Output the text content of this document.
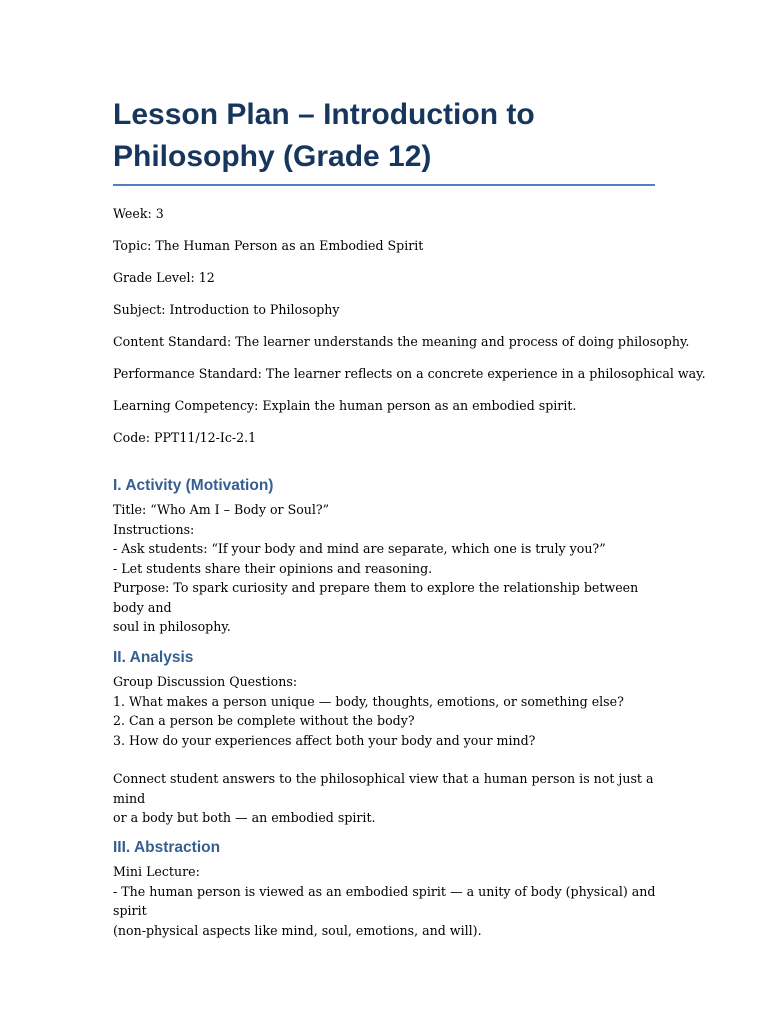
Lesson Plan – Introduction to Philosophy (Grade 12)

Week: 3

Topic: The Human Person as an Embodied Spirit

Grade Level: 12

Subject: Introduction to Philosophy

Content Standard: The learner understands the meaning and process of doing philosophy.

Performance Standard: The learner reflects on a concrete experience in a philosophical way.

Learning Competency: Explain the human person as an embodied spirit.

Code: PPT11/12-Ic-2.1

I. Activity (Motivation)

Title: “Who Am I – Body or Soul?”

Instructions:

- Ask students: “If your body and mind are separate, which one is truly you?”

- Let students share their opinions and reasoning.

Purpose: To spark curiosity and prepare them to explore the relationship between body and

soul in philosophy.

II. Analysis

Group Discussion Questions:

1. What makes a person unique — body, thoughts, emotions, or something else?

2. Can a person be complete without the body?

3. How do your experiences affect both your body and your mind?

Connect student answers to the philosophical view that a human person is not just a mind

or a body but both — an embodied spirit.

III. Abstraction

Mini Lecture:

- The human person is viewed as an embodied spirit — a unity of body (physical) and spirit

(non-physical aspects like mind, soul, emotions, and will).
